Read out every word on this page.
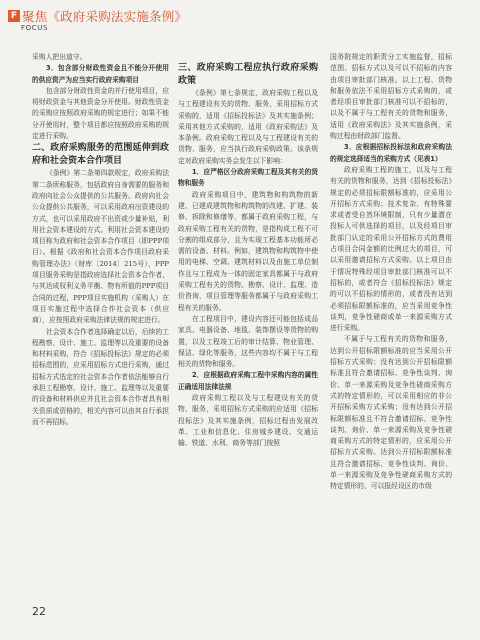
F 聚焦《政府采购法实施条例》
FOCUS

采购人把出道守。

3．包含部分财政性资金且不能分开使用的供应资产为应当实行政府采购项目

包含部分财政性资金的并行使用项目，应将财政资金与其他资金分开使用。财政性资金的采购应按照政府采购的规定进行；如果不能分开使用时，整个项目都应按照政府采购的规定进行采购。

二、政府采购服务的范围延伸到政府和社会资本合作项目

《条例》第二条第四款规定，政府采购法第二条所称服务，包括政府自身需要的服务和政府向社会公众提供的公共服务。政府向社会公众提供公共服务，可以采用政府出资建设的方式，也可以采用政府不出资或少量补贴，利用社会资本建设的方式。利用社会资本建设的项目称为政府和社会资本合作项目（即PPP项目）。根据《政府和社会资本合作项目政府采购管理办法》（财库〔2014〕215号），PPP项目服务采购是指政府选择社会资本合作者，与其达成权利义务平衡、物有所值的PPP项目合同的过程，PPP项目实施机构（采购人）在项目实施过程中选择合作社会资本（供应商），应按照政府采购法律法规的规定进行。

社会资本合作者选择确定以后，后续的工程勘察、设计、施工、监理等以及重要的设备和材料采购，符合《招标投标法》规定的必须招标范围的，应采用招标方式进行采购，通过招标方式选定的社会资本合作者依法能够自行承担工程勘察、设计、施工、监理等以及重要的设备和材料供应并且社会资本合作者具有相关资质或资格的，相关内容可以由其自行承担而不再招标。

三、政府采购工程应执行政府采购政策

《条例》第七条规定，政府采购工程以及与工程建设有关的货物、服务，采用招标方式采购的，适用《招标投标法》及其实施条例；采用其他方式采购的，适用《政府采购法》及本条例。政府采购工程以及与工程建设有关的货物、服务，应当执行政府采购政策。该条规定对政府采购实务会发生以下影响：

1．应严格区分政府采购工程及其有关的货物和服务

政府采购项目中，建筑物和构筑物的新建、已建成建筑物和构筑物的改建、扩建、装修、拆除和修缮等，都属于政府采购工程，与政府采购工程有关的货物，是指构成工程不可分割的组成部分，且为实现工程基本功能所必需的设备、材料。例如，建筑物和构筑物中使用的电梯、空调、建筑材料以及由施工单位制作且与工程成为一体的固定家具都属于与政府采购工程有关的货物。勘察、设计、监理、造价咨询、项目管理等服务都属于与政府采购工程有关的服务。

在工程项目中，建设内容还可能包括成品家具、电器设备、地毯、装饰摆设等货物的购置，以及工程竣工后的审计结算、物业管理、保洁、绿化等服务，这些内容均不属于与工程相关的货物和服务。

2．应根据政府采购工程中采购内容的属性正确适用法律法规

政府采购工程以及与工程建设有关的货物、服务，采用招标方式采购的应适用《招标投标法》及其实施条例，招标过程由发展改革、工业和信息化、住房城乡建设、交通运输、铁道、水利、商务等部门按照

国务院规定的职责分工实施监督，招标范围、招标方式以及可以不招标的内容由项目审批部门核准。以上工程、货物和服务依法不采用招标方式采购的，或者经项目审批部门核准可以不招标的，以及不属于与工程有关的货物和服务，适用《政府采购法》及其实施条例，采购过程由财政部门监督。

3．应根据招标投标法和政府采购法的规定选择适当的采购方式（见表1）

政府采购工程的施工，以及与工程有关的货物和服务，达到《招标投标法》规定的必须招标限额标准的，应采用公开招标方式采购；技术复杂、有特殊要求或者受自然环境限制，只有少量潜在投标人可供选择的项目，以及经项目审批部门认定的采用公开招标方式的费用占项目合同金额的比例过大的项目，可以采用邀请招标方式采购。以上项目由于情况特殊经项目审批部门核准可以不招标的，或者符合《招标投标法》规定的可以不招标的情形的，或者没有达到必须招标限额标准的，应当采用竞争性谈判，竞争性磋商或单一来源采购方式进行采购。

不属于与工程有关的货物和服务，达到公开招标限额标准的应当采用公开招标方式采购；没有达到公开招标限额标准且符合邀请招标、竞争性谈判、询价、单一来源采购及竞争性磋商采购方式的特定情形的，可以采用相应的非公开招标采购方式采购；没有达到公开招标限额标准且不符合邀请招标、竞争性谈判、询价、单一来源采购及竞争性磋商采购方式的特定情形的，应采用公开招标方式采购。达到公开招标限额标准且符合邀请招标、竞争性谈判、询价、单一来源采购及竞争性磋商采购方式的特定情形的，可以报经设区的市级

22
